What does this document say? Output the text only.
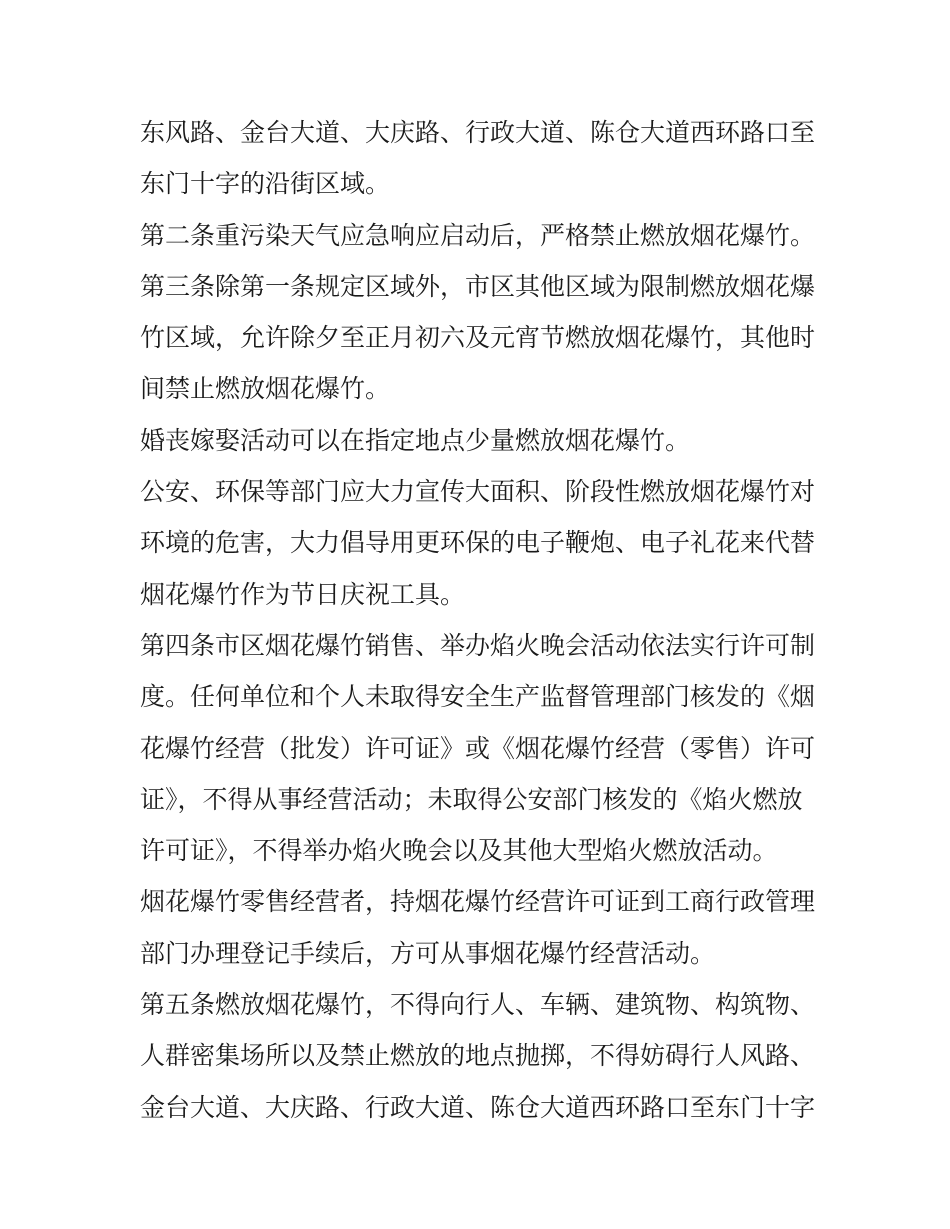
东风路、金台大道、大庆路、行政大道、陈仓大道西环路口至
东门十字的沿街区域。
第二条重污染天气应急响应启动后，严格禁止燃放烟花爆竹。
第三条除第一条规定区域外，市区其他区域为限制燃放烟花爆
竹区域，允许除夕至正月初六及元宵节燃放烟花爆竹，其他时
间禁止燃放烟花爆竹。
婚丧嫁娶活动可以在指定地点少量燃放烟花爆竹。
公安、环保等部门应大力宣传大面积、阶段性燃放烟花爆竹对
环境的危害，大力倡导用更环保的电子鞭炮、电子礼花来代替
烟花爆竹作为节日庆祝工具。
第四条市区烟花爆竹销售、举办焰火晚会活动依法实行许可制
度。任何单位和个人未取得安全生产监督管理部门核发的《烟
花爆竹经营（批发）许可证》或《烟花爆竹经营（零售）许可
证》，不得从事经营活动；未取得公安部门核发的《焰火燃放
许可证》，不得举办焰火晚会以及其他大型焰火燃放活动。
烟花爆竹零售经营者，持烟花爆竹经营许可证到工商行政管理
部门办理登记手续后，方可从事烟花爆竹经营活动。
第五条燃放烟花爆竹，不得向行人、车辆、建筑物、构筑物、
人群密集场所以及禁止燃放的地点抛掷，不得妨碍行人风路、
金台大道、大庆路、行政大道、陈仓大道西环路口至东门十字
